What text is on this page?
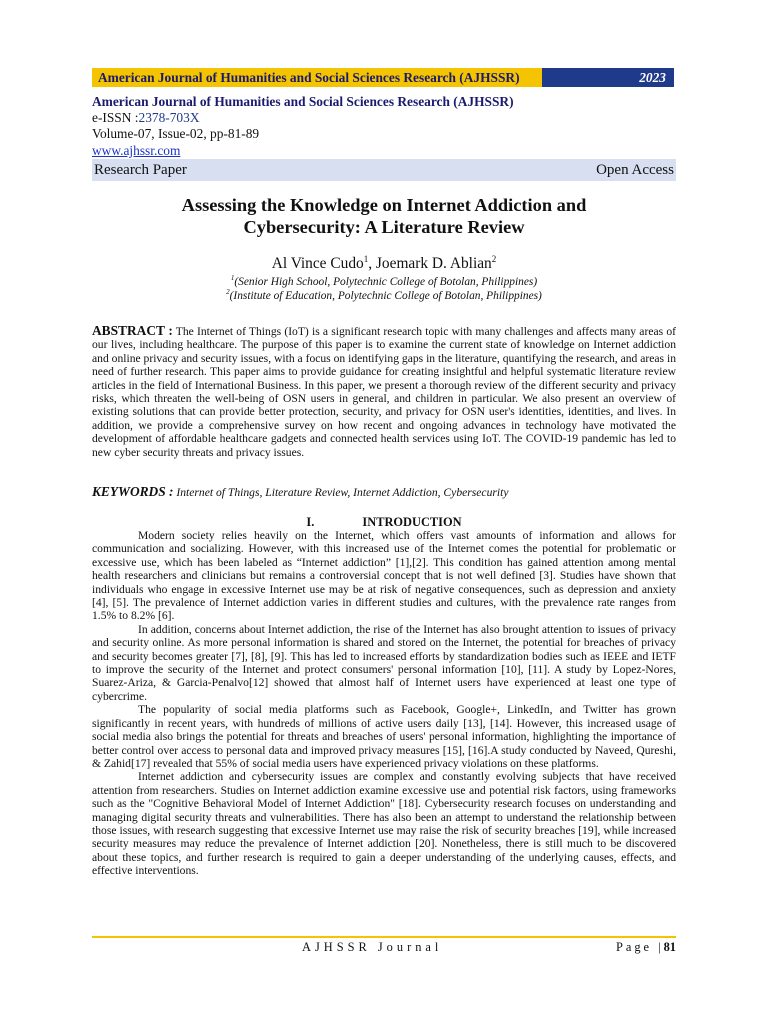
American Journal of Humanities and Social Sciences Research (AJHSSR)	2023
American Journal of Humanities and Social Sciences Research (AJHSSR)
e-ISSN :2378-703X
Volume-07, Issue-02, pp-81-89
www.ajhssr.com
Research Paper	Open Access
Assessing the Knowledge on Internet Addiction and
Cybersecurity: A Literature Review
Al Vince Cudo$^1$, Joemark D. Ablian$^2$
$^1$(Senior High School, Polytechnic College of Botolan, Philippines)
$^2$(Institute of Education, Polytechnic College of Botolan, Philippines)
ABSTRACT : The Internet of Things (IoT) is a significant research topic with many challenges and affects many areas of our lives, including healthcare. The purpose of this paper is to examine the current state of knowledge on Internet addiction and online privacy and security issues, with a focus on identifying gaps in the literature, quantifying the research, and areas in need of further research. This paper aims to provide guidance for creating insightful and helpful systematic literature review articles in the field of International Business. In this paper, we present a thorough review of the different security and privacy risks, which threaten the well-being of OSN users in general, and children in particular. We also present an overview of existing solutions that can provide better protection, security, and privacy for OSN user's identities, identities, and lives. In addition, we provide a comprehensive survey on how recent and ongoing advances in technology have motivated the development of affordable healthcare gadgets and connected health services using IoT. The COVID-19 pandemic has led to new cyber security threats and privacy issues.
KEYWORDS : Internet of Things, Literature Review, Internet Addiction, Cybersecurity
I.	INTRODUCTION

Modern society relies heavily on the Internet, which offers vast amounts of information and allows for communication and socializing. However, with this increased use of the Internet comes the potential for problematic or excessive use, which has been labeled as “Internet addiction” [1],[2]. This condition has gained attention among mental health researchers and clinicians but remains a controversial concept that is not well defined [3]. Studies have shown that individuals who engage in excessive Internet use may be at risk of negative consequences, such as depression and anxiety [4], [5]. The prevalence of Internet addiction varies in different studies and cultures, with the prevalence rate ranges from 1.5% to 8.2% [6].

In addition, concerns about Internet addiction, the rise of the Internet has also brought attention to issues of privacy and security online. As more personal information is shared and stored on the Internet, the potential for breaches of privacy and security becomes greater [7], [8], [9]. This has led to increased efforts by standardization bodies such as IEEE and IETF to improve the security of the Internet and protect consumers' personal information [10], [11]. A study by Lopez-Nores, Suarez-Ariza, & Garcia-Penalvo[12] showed that almost half of Internet users have experienced at least one type of cybercrime.

The popularity of social media platforms such as Facebook, Google+, LinkedIn, and Twitter has grown significantly in recent years, with hundreds of millions of active users daily [13], [14]. However, this increased usage of social media also brings the potential for threats and breaches of users' personal information, highlighting the importance of better control over access to personal data and improved privacy measures [15], [16].A study conducted by Naveed, Qureshi, & Zahid[17] revealed that 55% of social media users have experienced privacy violations on these platforms.

Internet addiction and cybersecurity issues are complex and constantly evolving subjects that have received attention from researchers. Studies on Internet addiction examine excessive use and potential risk factors, using frameworks such as the "Cognitive Behavioral Model of Internet Addiction" [18]. Cybersecurity research focuses on understanding and managing digital security threats and vulnerabilities. There has also been an attempt to understand the relationship between those issues, with research suggesting that excessive Internet use may raise the risk of security breaches [19], while increased security measures may reduce the prevalence of Internet addiction [20]. Nonetheless, there is still much to be discovered about these topics, and further research is required to gain a deeper understanding of the underlying causes, effects, and effective interventions.

AJHSSR Journal	Page |81
